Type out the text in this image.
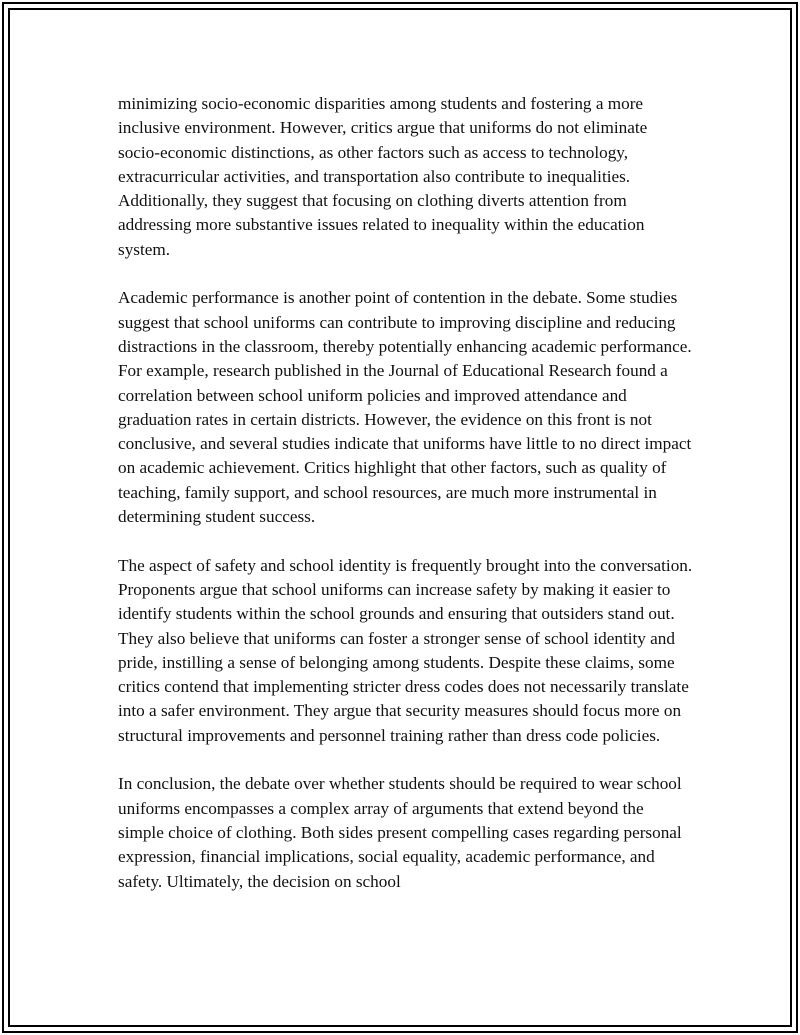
minimizing socio-economic disparities among students and fostering a more inclusive environment. However, critics argue that uniforms do not eliminate socio-economic distinctions, as other factors such as access to technology, extracurricular activities, and transportation also contribute to inequalities. Additionally, they suggest that focusing on clothing diverts attention from addressing more substantive issues related to inequality within the education system.

Academic performance is another point of contention in the debate. Some studies suggest that school uniforms can contribute to improving discipline and reducing distractions in the classroom, thereby potentially enhancing academic performance. For example, research published in the Journal of Educational Research found a correlation between school uniform policies and improved attendance and graduation rates in certain districts. However, the evidence on this front is not conclusive, and several studies indicate that uniforms have little to no direct impact on academic achievement. Critics highlight that other factors, such as quality of teaching, family support, and school resources, are much more instrumental in determining student success.

The aspect of safety and school identity is frequently brought into the conversation. Proponents argue that school uniforms can increase safety by making it easier to identify students within the school grounds and ensuring that outsiders stand out. They also believe that uniforms can foster a stronger sense of school identity and pride, instilling a sense of belonging among students. Despite these claims, some critics contend that implementing stricter dress codes does not necessarily translate into a safer environment. They argue that security measures should focus more on structural improvements and personnel training rather than dress code policies.

In conclusion, the debate over whether students should be required to wear school uniforms encompasses a complex array of arguments that extend beyond the simple choice of clothing. Both sides present compelling cases regarding personal expression, financial implications, social equality, academic performance, and safety. Ultimately, the decision on school
